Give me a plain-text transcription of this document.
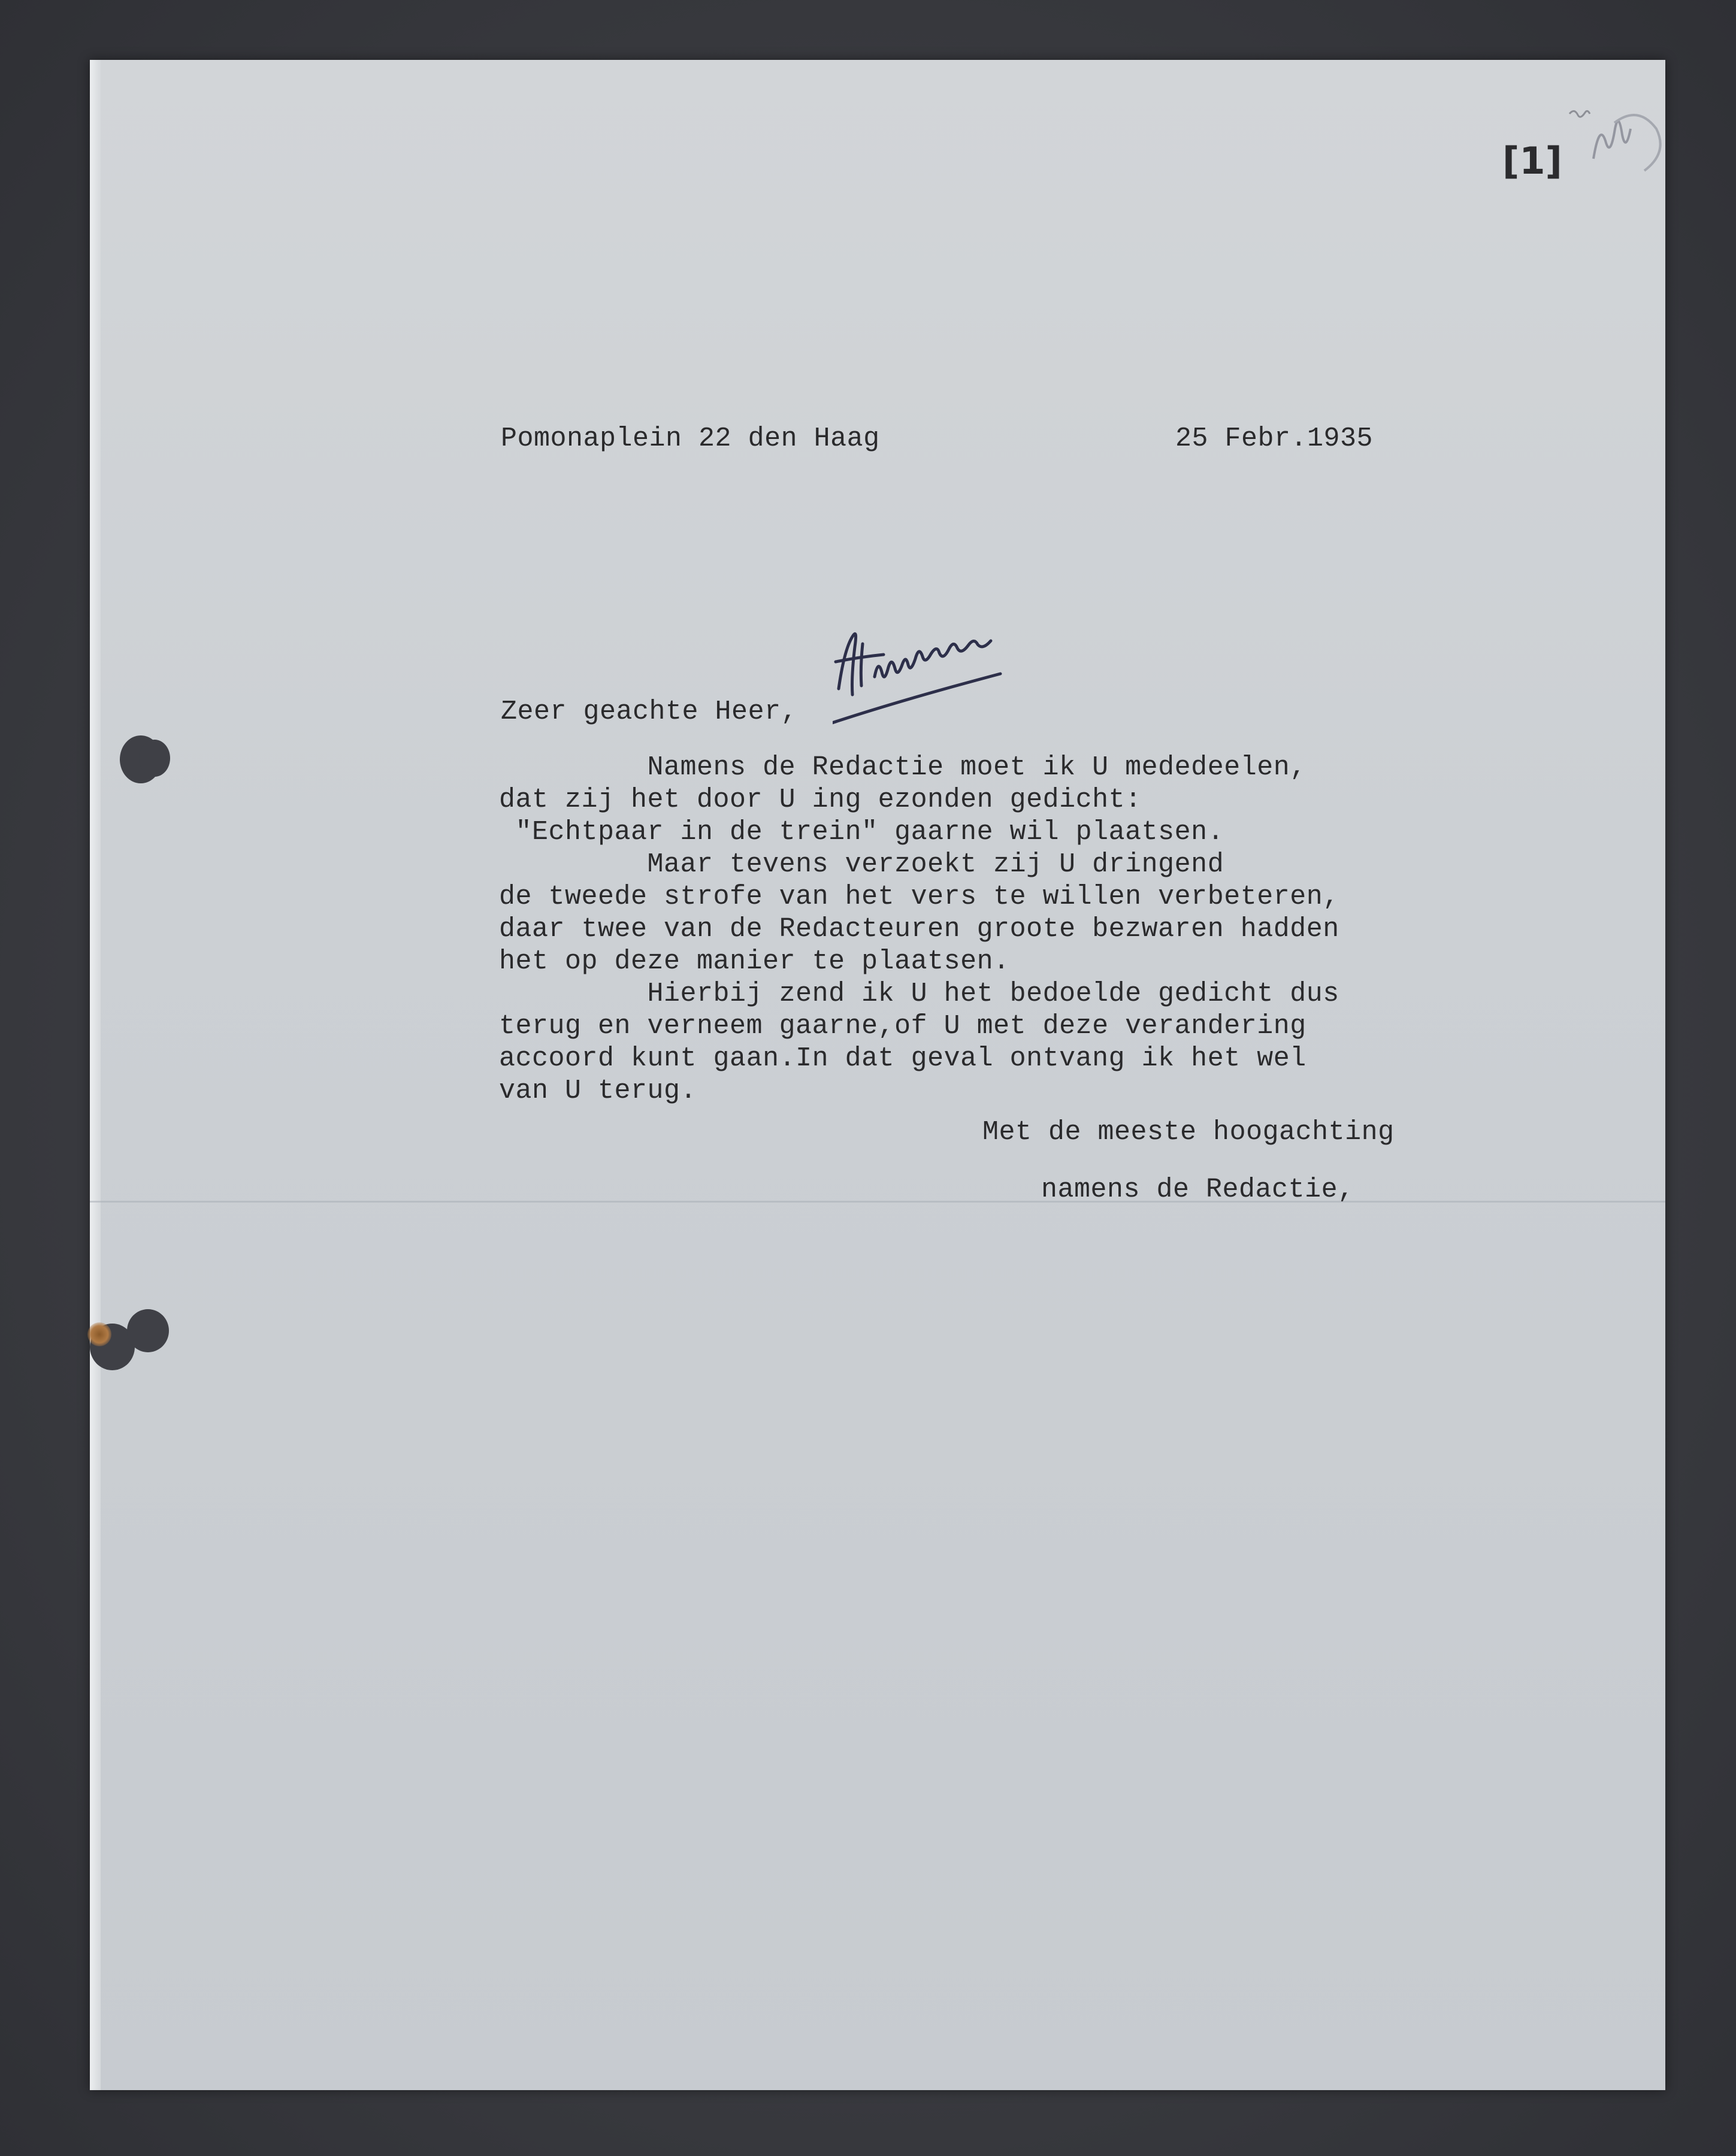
[1]
Pomonaplein 22 den Haag	25 Febr.1935
Zeer geachte Heer,
Namens de Redactie moet ik U mededeelen,
dat zij het door U ing ezonden gedicht:
"Echtpaar in de trein" gaarne wil plaatsen.
Maar tevens verzoekt zij U dringend
de tweede strofe van het vers te willen verbeteren,
daar twee van de Redacteuren groote bezwaren hadden
het op deze manier te plaatsen.
Hierbij zend ik U het bedoelde gedicht dus
terug en verneem gaarne,of U met deze verandering
accoord kunt gaan.In dat geval ontvang ik het wel
van U terug.
Met de meeste hoogachting
namens de Redactie,
